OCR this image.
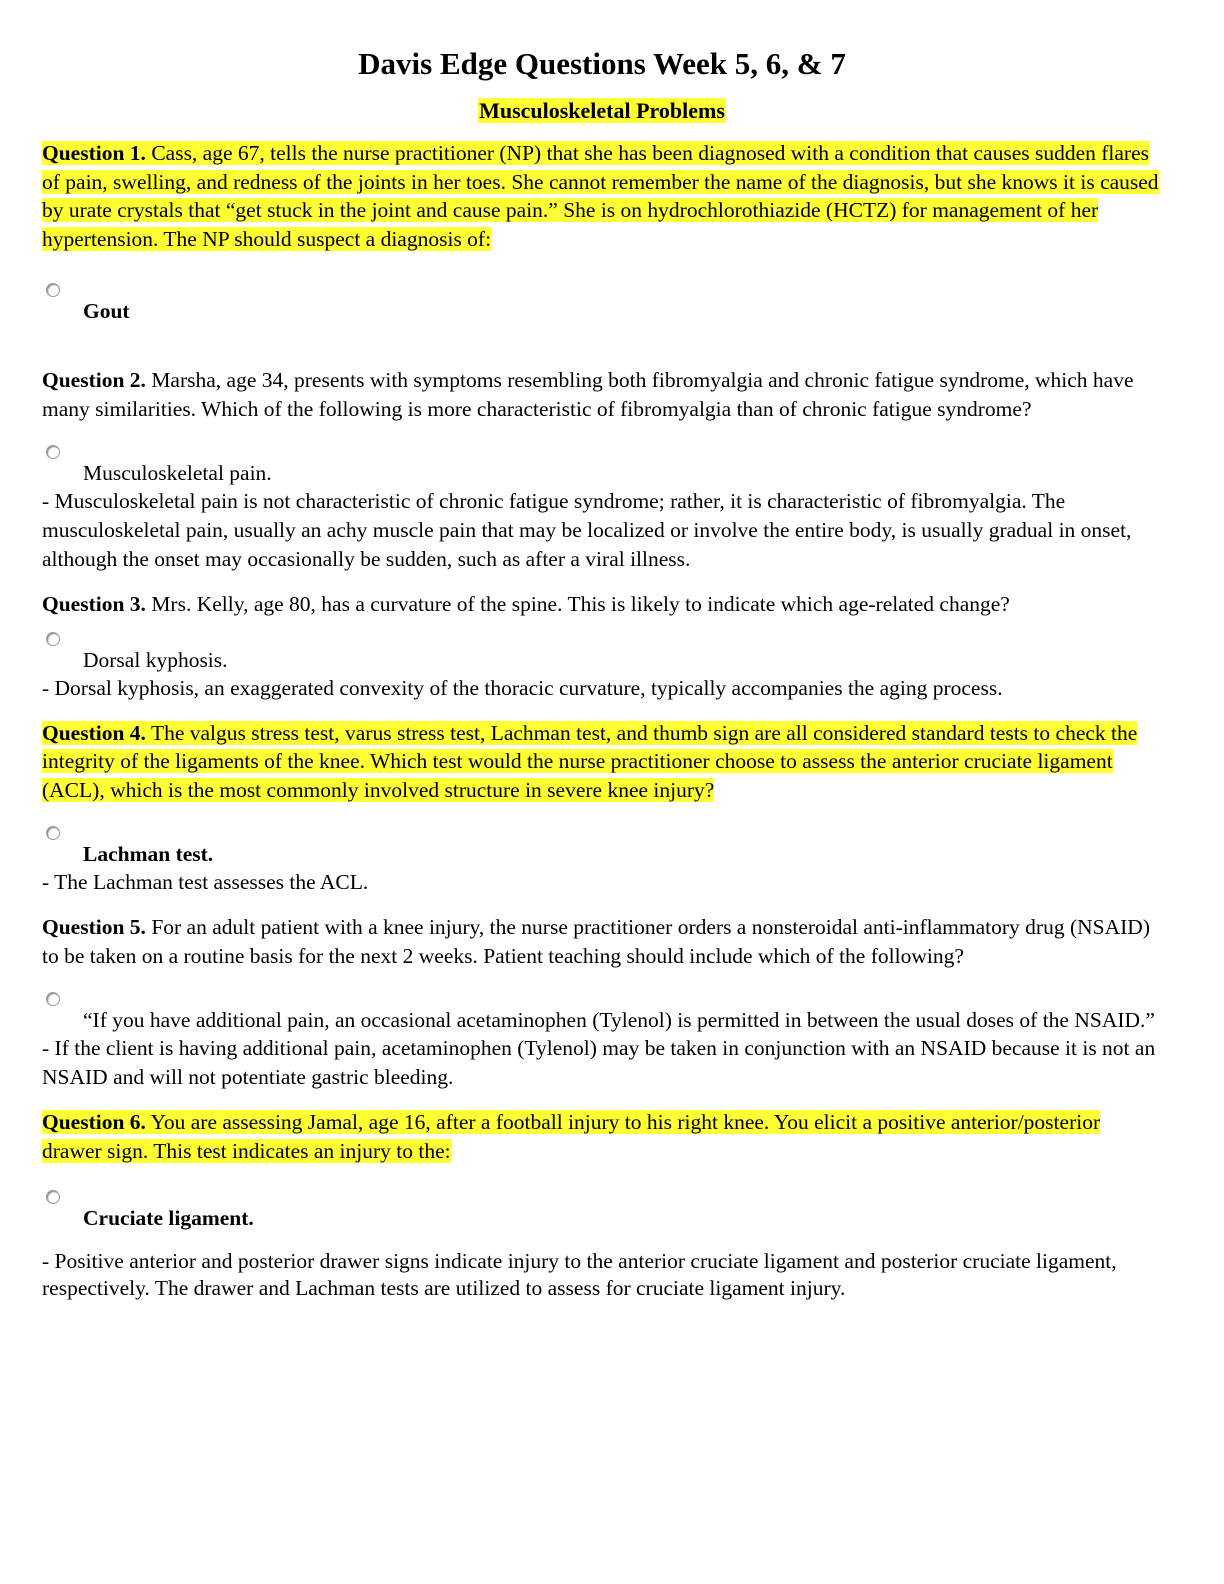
Davis Edge Questions Week 5, 6, & 7
Musculoskeletal Problems

Question 1. Cass, age 67, tells the nurse practitioner (NP) that she has been diagnosed with a condition that causes sudden flares of pain, swelling, and redness of the joints in her toes. She cannot remember the name of the diagnosis, but she knows it is caused by urate crystals that “get stuck in the joint and cause pain.” She is on hydrochlorothiazide (HCTZ) for management of her hypertension. The NP should suspect a diagnosis of:

Gout

Question 2. Marsha, age 34, presents with symptoms resembling both fibromyalgia and chronic fatigue syndrome, which have many similarities. Which of the following is more characteristic of fibromyalgia than of chronic fatigue syndrome?

Musculoskeletal pain.

- Musculoskeletal pain is not characteristic of chronic fatigue syndrome; rather, it is characteristic of fibromyalgia. The musculoskeletal pain, usually an achy muscle pain that may be localized or involve the entire body, is usually gradual in onset, although the onset may occasionally be sudden, such as after a viral illness.

Question 3. Mrs. Kelly, age 80, has a curvature of the spine. This is likely to indicate which age-related change?

Dorsal kyphosis.

- Dorsal kyphosis, an exaggerated convexity of the thoracic curvature, typically accompanies the aging process.

Question 4. The valgus stress test, varus stress test, Lachman test, and thumb sign are all considered standard tests to check the integrity of the ligaments of the knee. Which test would the nurse practitioner choose to assess the anterior cruciate ligament (ACL), which is the most commonly involved structure in severe knee injury?

Lachman test.

- The Lachman test assesses the ACL.

Question 5. For an adult patient with a knee injury, the nurse practitioner orders a nonsteroidal anti-inflammatory drug (NSAID) to be taken on a routine basis for the next 2 weeks. Patient teaching should include which of the following?

“If you have additional pain, an occasional acetaminophen (Tylenol) is permitted in between the usual doses of the NSAID.”

- If the client is having additional pain, acetaminophen (Tylenol) may be taken in conjunction with an NSAID because it is not an NSAID and will not potentiate gastric bleeding.

Question 6. You are assessing Jamal, age 16, after a football injury to his right knee. You elicit a positive anterior/posterior drawer sign. This test indicates an injury to the:

Cruciate ligament.

- Positive anterior and posterior drawer signs indicate injury to the anterior cruciate ligament and posterior cruciate ligament, respectively. The drawer and Lachman tests are utilized to assess for cruciate ligament injury.
